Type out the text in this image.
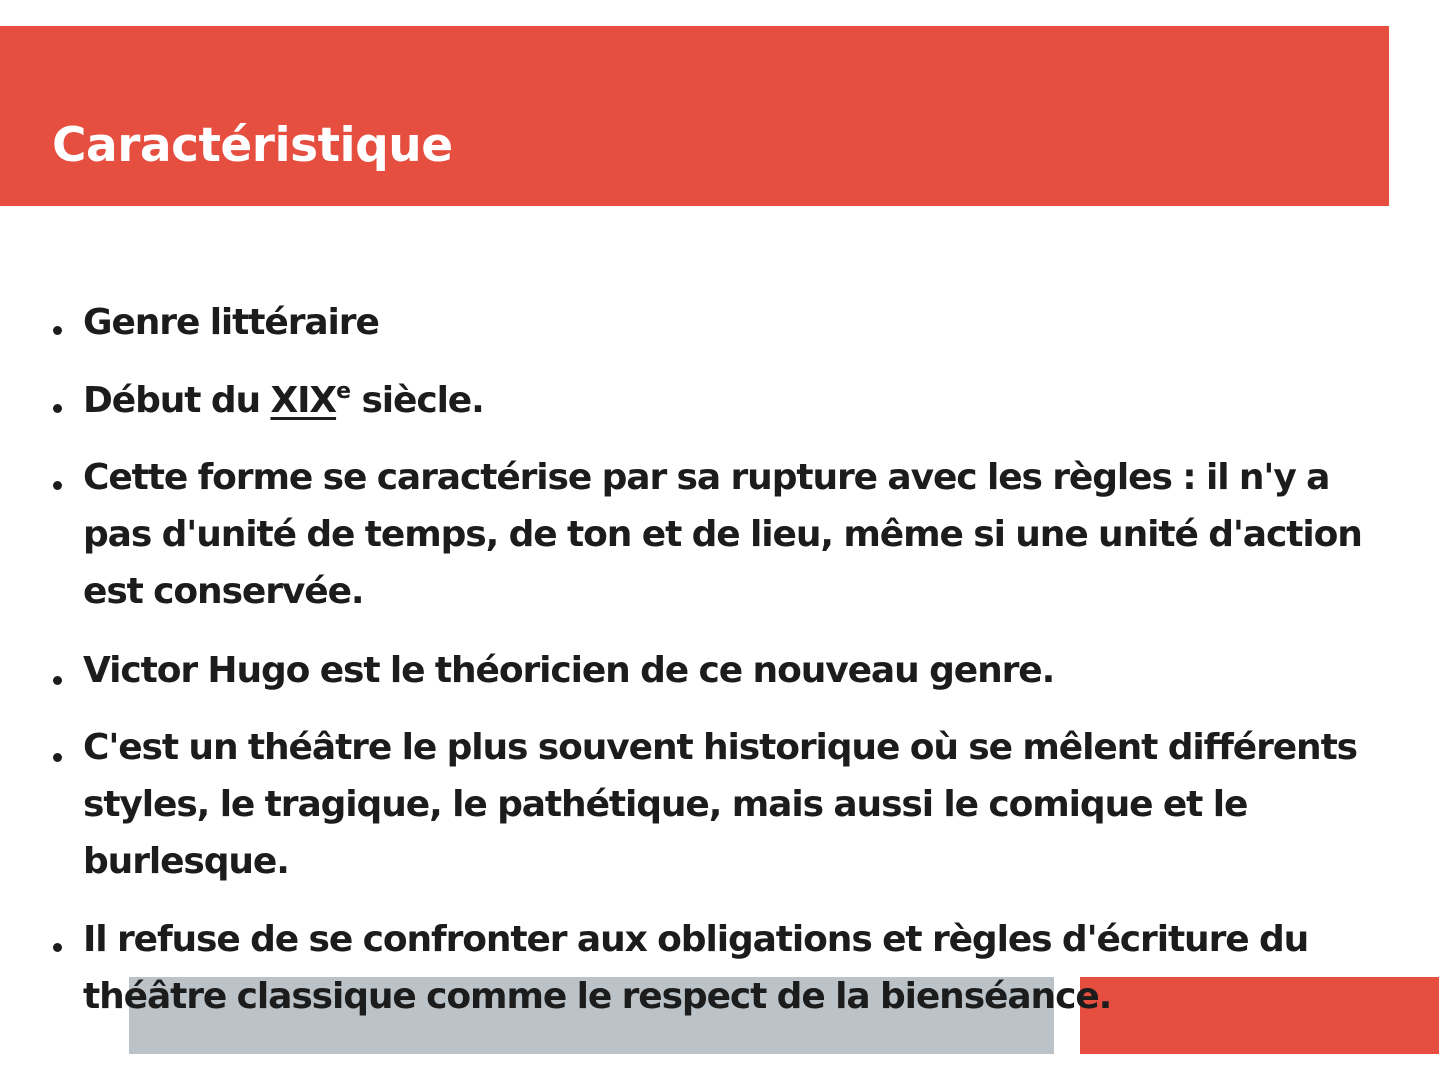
Caractéristique
Genre littéraire
Début du XIXe siècle.
Cette forme se caractérise par sa rupture avec les règles : il n'y a pas d'unité de temps, de ton et de lieu, même si une unité d'action est conservée.
Victor Hugo est le théoricien de ce nouveau genre.
C'est un théâtre le plus souvent historique où se mêlent différents styles, le tragique, le pathétique, mais aussi le comique et le burlesque.
Il refuse de se confronter aux obligations et règles d'écriture du théâtre classique comme le respect de la bienséance.
